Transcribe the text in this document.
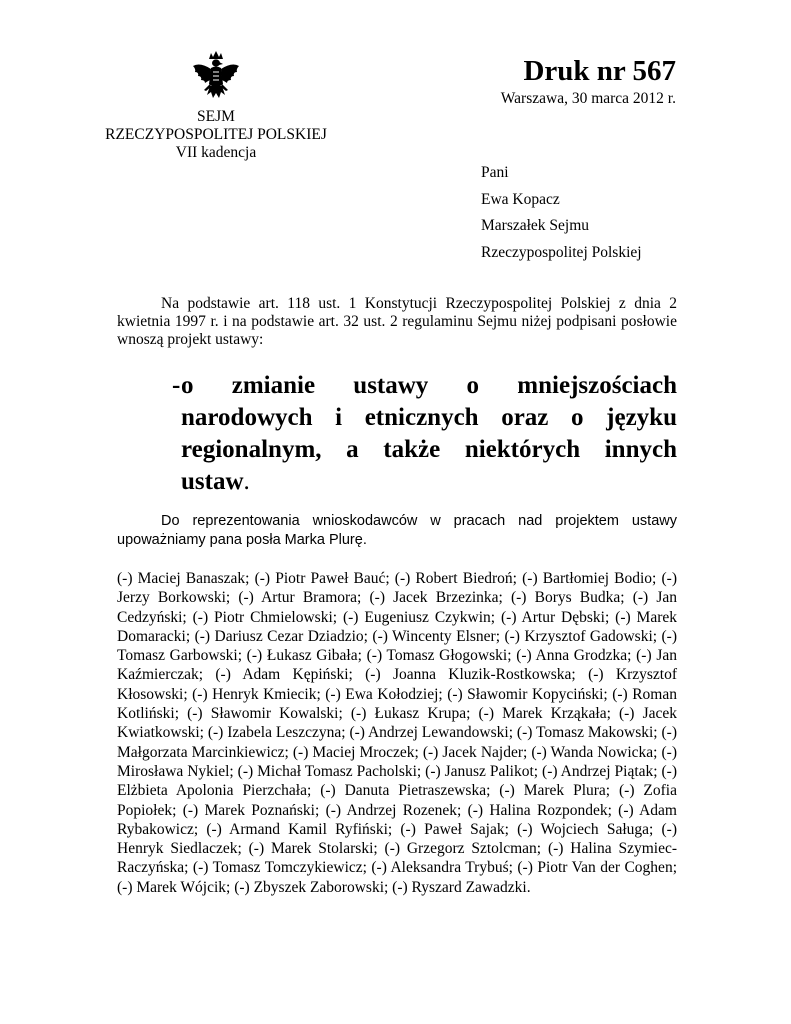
SEJM
RZECZYPOSPOLITEJ POLSKIEJ
VII kadencja
Druk nr 567
Warszawa, 30 marca 2012 r.
Pani
Ewa Kopacz
Marszałek Sejmu
Rzeczypospolitej Polskiej

Na podstawie art. 118 ust. 1 Konstytucji Rzeczypospolitej Polskiej z dnia 2 kwietnia 1997 r. i na podstawie art. 32 ust. 2 regulaminu Sejmu niżej podpisani posłowie wnoszą projekt ustawy:

- o zmianie ustawy o mniejszościach narodowych i etnicznych oraz o języku regionalnym, a także niektórych innych ustaw.

Do reprezentowania wnioskodawców w pracach nad projektem ustawy upoważniamy pana posła Marka Plurę.

(-) Maciej Banaszak; (-) Piotr Paweł Bauć; (-) Robert Biedroń; (-) Bartłomiej Bodio; (-) Jerzy Borkowski; (-) Artur Bramora; (-) Jacek Brzezinka; (-) Borys Budka; (-) Jan Cedzyński; (-) Piotr Chmielowski; (-) Eugeniusz Czykwin; (-) Artur Dębski; (-) Marek Domaracki; (-) Dariusz Cezar Dziadzio; (-) Wincenty Elsner; (-) Krzysztof Gadowski; (-) Tomasz Garbowski; (-) Łukasz Gibała; (-) Tomasz Głogowski; (-) Anna Grodzka; (-) Jan Kaźmierczak; (-) Adam Kępiński; (-) Joanna Kluzik-Rostkowska; (-) Krzysztof Kłosowski; (-) Henryk Kmiecik; (-) Ewa Kołodziej; (-) Sławomir Kopyciński; (-) Roman Kotliński; (-) Sławomir Kowalski; (-) Łukasz Krupa; (-) Marek Krząkała; (-) Jacek Kwiatkowski; (-) Izabela Leszczyna; (-) Andrzej Lewandowski; (-) Tomasz Makowski; (-) Małgorzata Marcinkiewicz; (-) Maciej Mroczek; (-) Jacek Najder; (-) Wanda Nowicka; (-) Mirosława Nykiel; (-) Michał Tomasz Pacholski; (-) Janusz Palikot; (-) Andrzej Piątak; (-) Elżbieta Apolonia Pierzchała; (-) Danuta Pietraszewska; (-) Marek Plura; (-) Zofia Popiołek; (-) Marek Poznański; (-) Andrzej Rozenek; (-) Halina Rozpondek; (-) Adam Rybakowicz; (-) Armand Kamil Ryfiński; (-) Paweł Sajak; (-) Wojciech Saługa; (-) Henryk Siedlaczek; (-) Marek Stolarski; (-) Grzegorz Sztolcman; (-) Halina Szymiec-Raczyńska; (-) Tomasz Tomczykiewicz; (-) Aleksandra Trybuś; (-) Piotr Van der Coghen; (-) Marek Wójcik; (-) Zbyszek Zaborowski; (-) Ryszard Zawadzki.
